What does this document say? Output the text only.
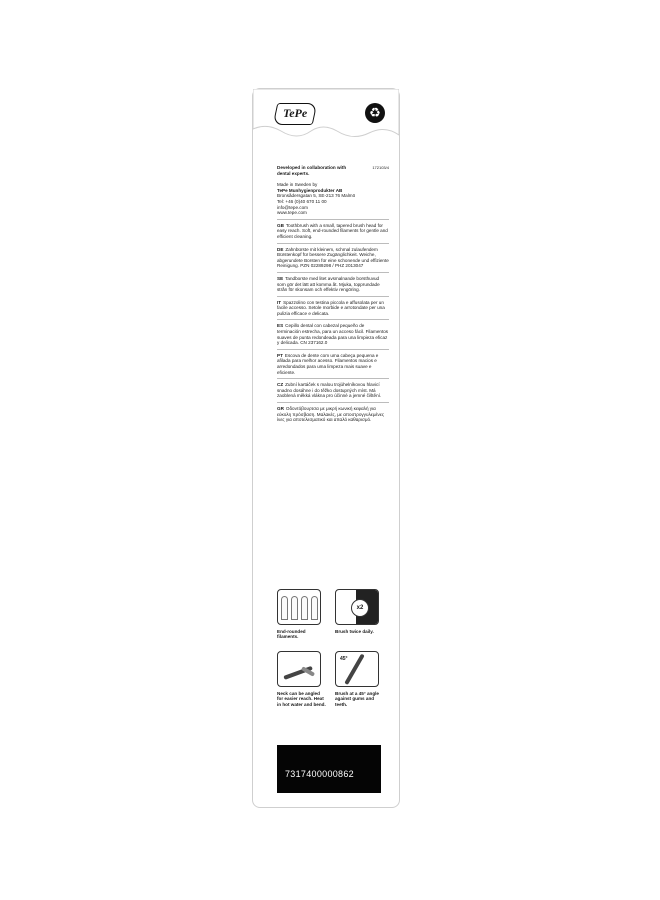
TePe	♻
Developed in collaboration with dental experts.
172103/4
Made in Sweden by
TePe Munhygienprodukter AB
Bronsådersgatan 5, SE-213 76 Malmö
Tel: +46 (0)40 670 11 00
info@tepe.com
www.tepe.com
GB Toothbrush with a small, tapered brush head for easy reach. Soft, end-rounded filaments for gentle and efficient cleaning.
DE Zahnbürste mit kleinem, schmal zulaufendem Bürstenkopf für bessere Zugänglichkeit. Weiche, abgerundete Borsten für eine schonende und effiziente Reinigung. PZN 02289298 / PHZ 2013047
SE Tandborste med litet avsmalnande borsthuvud som gör det lätt att komma åt. Mjuka, topprundade strån för skonsam och effektiv rengöring.
IT Spazzolino con testina piccola e affusolata per un facile accesso. Setole morbide e arrotondate per una pulizia efficace e delicata.
ES Cepillo dental con cabezal pequeño de terminación estrecha, para un acceso fácil. Filamentos suaves de punta redondeada para una limpieza eficaz y delicada. CN 237162.0
PT Escova de dente com uma cabeça pequena e afilada para melhor acesso. Filamentos macios e arredondados para uma limpeza mais suave e eficiente.
CZ Zubní kartáček s malou trojúhelníkovou hlavicí snadno dosáhne i do těžko dostupných míst. Má zaoblená měkká vlákna pro účinné a jemné čištění.
GR Οδοντόβουρτσα με μικρή κωνική κεφαλή για εύκολη πρόσβαση. Μαλακές, με αποστρογγυλεμένες ίνες για αποτελεσματικό και απαλό καθαρισμό.
End-rounded filaments.
x2
Brush twice daily.
Neck can be angled for easier reach. Heat in hot water and bend.
45°
Brush at a 45° angle against gums and teeth.
7317400000862
